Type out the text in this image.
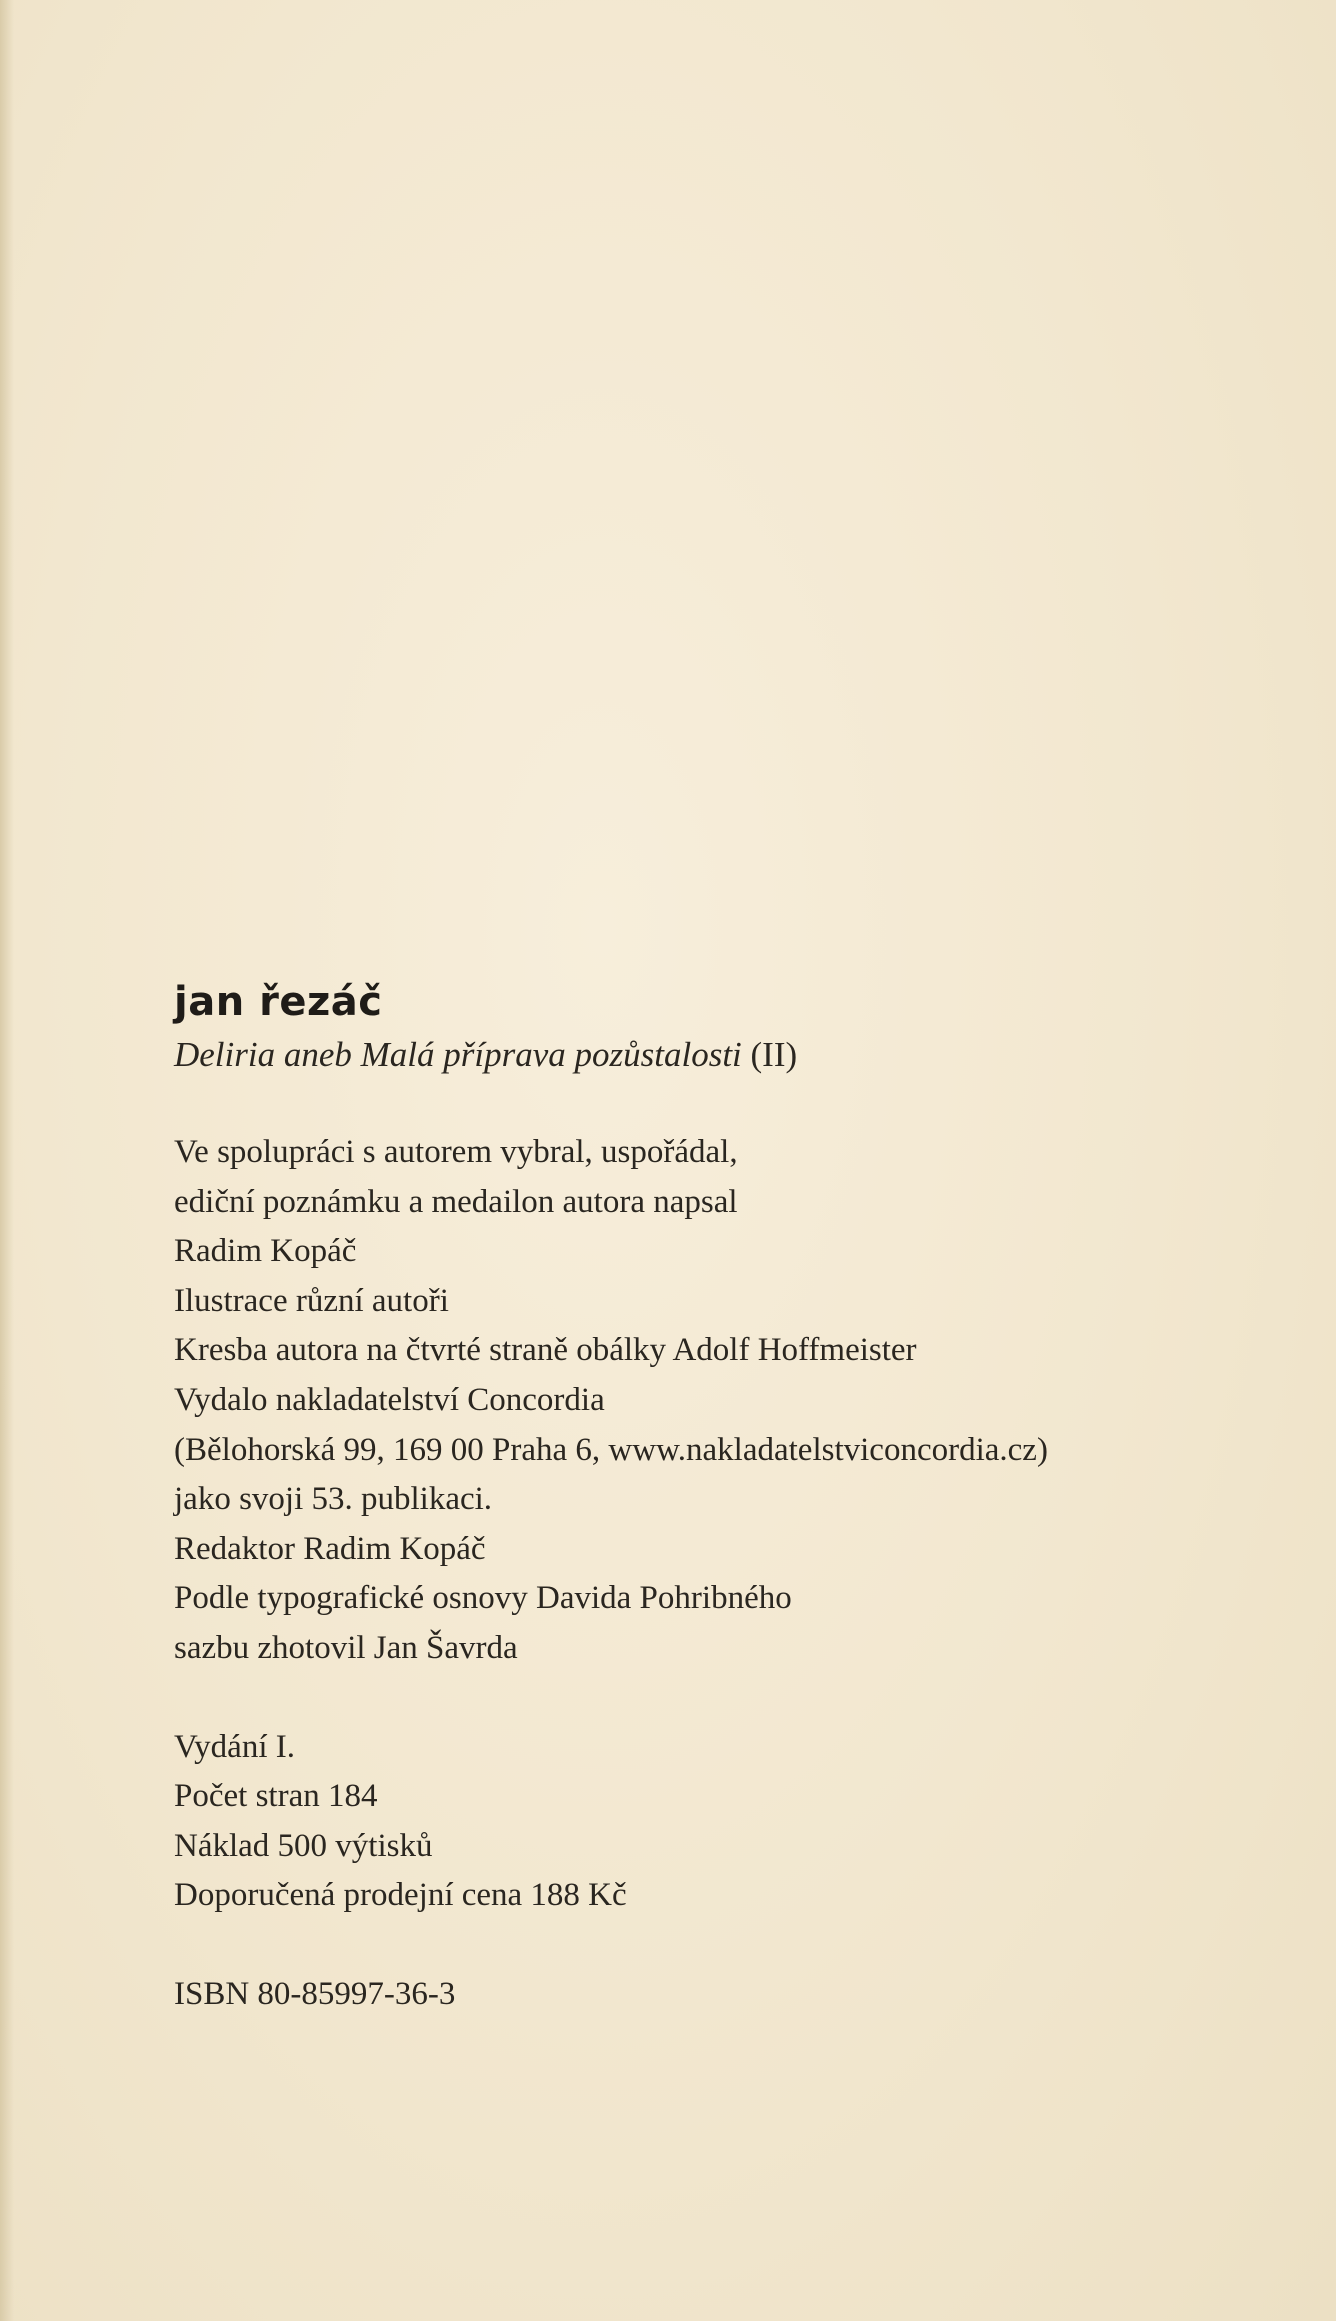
jan řezáč

Deliria aneb Malá příprava pozůstalosti (II)

Ve spolupráci s autorem vybral, uspořádal,
ediční poznámku a medailon autora napsal
Radim Kopáč
Ilustrace různí autoři
Kresba autora na čtvrté straně obálky Adolf Hoffmeister
Vydalo nakladatelství Concordia
(Bělohorská 99, 169 00 Praha 6, www.nakladatelstviconcordia.cz)
jako svoji 53. publikaci.
Redaktor Radim Kopáč
Podle typografické osnovy Davida Pohribného
sazbu zhotovil Jan Šavrda
Vydání I.
Počet stran 184
Náklad 500 výtisků
Doporučená prodejní cena 188 Kč
ISBN 80-85997-36-3
